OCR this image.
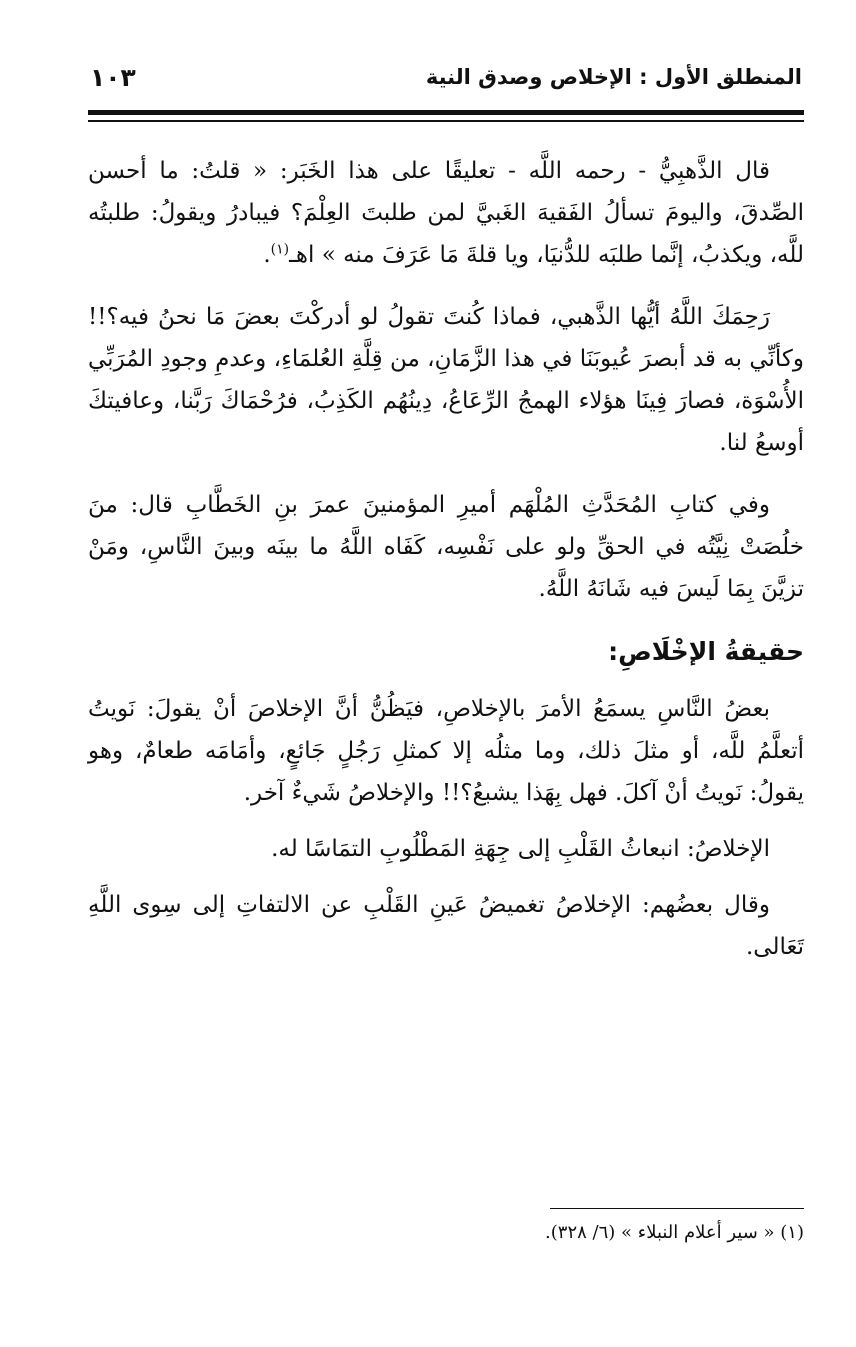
المنطلق الأول : الإخلاص وصدق النية
١٠٣

قال الذَّهبِيُّ - رحمه اللَّه - تعليقًا على هذا الخَبَر: « قلتُ: ما أحسن الصِّدقَ، واليومَ تسألُ الفَقيهَ الغَبيَّ لمن طلبتَ العِلْمَ؟ فيبادرُ ويقولُ: طلبتُه للَّه، ويكذبُ، إنَّما طلبَه للدُّنيَا، ويا قلةَ مَا عَرَفَ منه » اهـ$^{(١)}$.

رَحِمَكَ اللَّهُ أيُّها الذَّهبي، فماذا كُنتَ تقولُ لو أدركْتَ بعضَ مَا نحنُ فيه؟!! وكأنِّي به قد أبصرَ عُيوبَنَا في هذا الزَّمَانِ، من قِلَّةِ العُلمَاءِ، وعدمِ وجودِ المُرَبِّي الأُسْوَة، فصارَ فِينَا هؤلاء الهمجُ الرِّعَاعُ، دِينُهُم الكَذِبُ، فرُحْمَاكَ رَبَّنا، وعافيتكَ أوسعُ لنا.

وفي كتابِ المُحَدَّثِ المُلْهَم أميرِ المؤمنينَ عمرَ بنِ الخَطَّابِ قال: منَ خلُصَتْ نِيَّتُه في الحقِّ ولو على نَفْسِه، كَفَاه اللَّهُ ما بينَه وبينَ النَّاسِ، ومَنْ تزيَّنَ بِمَا لَيسَ فيه شَانَهُ اللَّهُ.

حقيقةُ الإخْلَاصِ:

بعضُ النَّاسِ يسمَعُ الأمرَ بالإخلاصِ، فيَظُنُّ أنَّ الإخلاصَ أنْ يقولَ: نَويتُ أتعلَّمُ للَّه، أو مثلَ ذلك، وما مثلُه إلا كمثلِ رَجُلٍ جَائعٍ، وأمَامَه طعامٌ، وهو يقولُ: نَويتُ أنْ آكلَ. فهل بِهَذا يشبعُ؟!! والإخلاصُ شَيءٌ آخر.

الإخلاصُ: انبعاثُ القَلْبِ إلى جِهَةِ المَطْلُوبِ التمَاسًا له.

وقال بعضُهم: الإخلاصُ تغميضُ عَينِ القَلْبِ عن الالتفاتِ إلى سِوى اللَّهِ تَعَالى.

(١) « سير أعلام النبلاء » (٦/ ٣٢٨).
